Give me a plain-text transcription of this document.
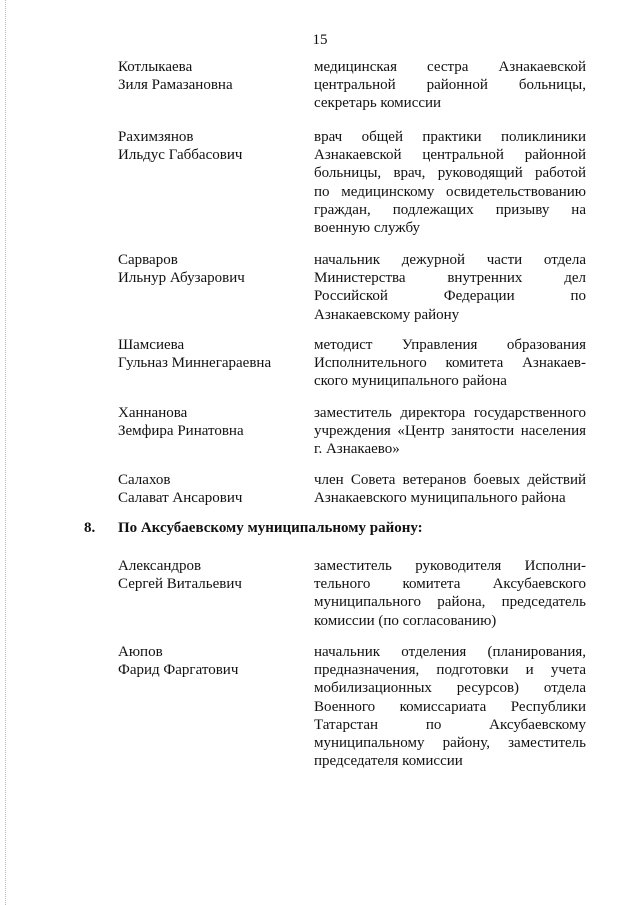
15
Котлыкаева
Зиля Рамазановна
медицинская сестра Азнакаевской
центральной районной больницы,
секретарь комиссии
Рахимзянов
Ильдус Габбасович
врач общей практики поликлиники
Азнакаевской центральной районной
больницы, врач, руководящий работой
по медицинскому освидетельствованию
граждан, подлежащих призыву на
военную службу
Сарваров
Ильнур Абузарович
начальник дежурной части отдела
Министерства внутренних дел
Российской Федерации по
Азнакаевскому району
Шамсиева
Гульназ Миннегараевна
методист Управления образования
Исполнительного комитета Азнакаев-
ского муниципального района
Ханнанова
Земфира Ринатовна
заместитель директора государственного
учреждения «Центр занятости населения
г. Азнакаево»
Салахов
Салават Ансарович
член Совета ветеранов боевых действий
Азнакаевского муниципального района
8. По Аксубаевскому муниципальному району:
Александров
Сергей Витальевич
заместитель руководителя Исполни-
тельного комитета Аксубаевского
муниципального района, председатель
комиссии (по согласованию)
Аюпов
Фарид Фаргатович
начальник отделения (планирования,
предназначения, подготовки и учета
мобилизационных ресурсов) отдела
Военного комиссариата Республики
Татарстан по Аксубаевскому
муниципальному району, заместитель
председателя комиссии
